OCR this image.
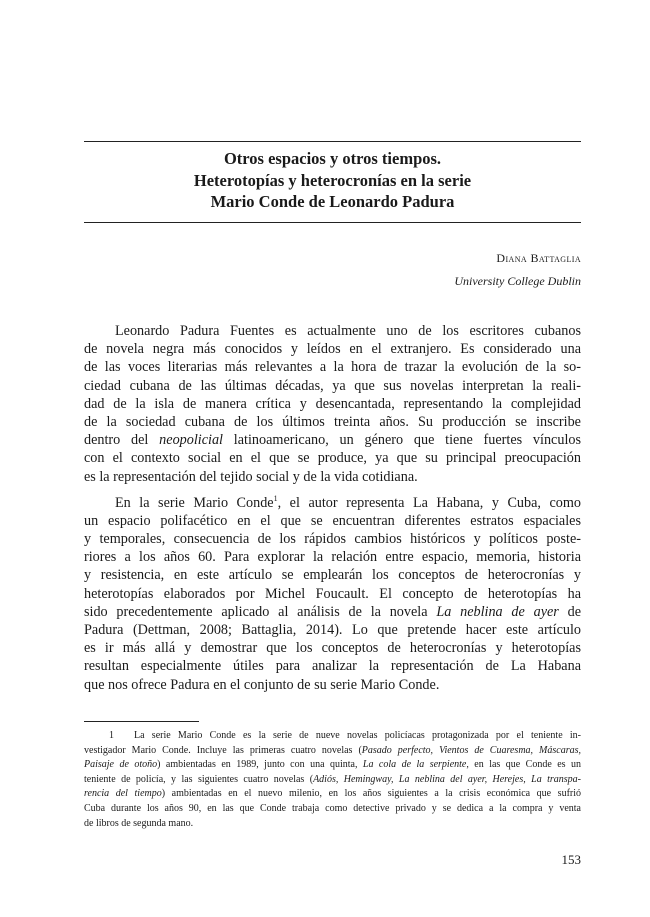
Otros espacios y otros tiempos.
Heterotopías y heterocronías en la serie
Mario Conde de Leonardo Padura
Diana Battaglia
University College Dublin
Leonardo Padura Fuentes es actualmente uno de los escritores cubanos
de novela negra más conocidos y leídos en el extranjero. Es considerado una
de las voces literarias más relevantes a la hora de trazar la evolución de la so-
ciedad cubana de las últimas décadas, ya que sus novelas interpretan la reali-
dad de la isla de manera crítica y desencantada, representando la complejidad
de la sociedad cubana de los últimos treinta años. Su producción se inscribe
dentro del neopolicial latinoamericano, un género que tiene fuertes vínculos
con el contexto social en el que se produce, ya que su principal preocupación
es la representación del tejido social y de la vida cotidiana.
En la serie Mario Conde$^1$, el autor representa La Habana, y Cuba, como
un espacio polifacético en el que se encuentran diferentes estratos espaciales
y temporales, consecuencia de los rápidos cambios históricos y políticos poste-
riores a los años 60. Para explorar la relación entre espacio, memoria, historia
y resistencia, en este artículo se emplearán los conceptos de heterocronías y
heterotopías elaborados por Michel Foucault. El concepto de heterotopías ha
sido precedentemente aplicado al análisis de la novela La neblina de ayer de
Padura (Dettman, 2008; Battaglia, 2014). Lo que pretende hacer este artículo
es ir más allá y demostrar que los conceptos de heterocronías y heterotopías
resultan especialmente útiles para analizar la representación de La Habana
que nos ofrece Padura en el conjunto de su serie Mario Conde.
1 La serie Mario Conde es la serie de nueve novelas policíacas protagonizada por el teniente in-
vestigador Mario Conde. Incluye las primeras cuatro novelas (Pasado perfecto, Vientos de Cuaresma, Máscaras,
Paisaje de otoño) ambientadas en 1989, junto con una quinta, La cola de la serpiente, en las que Conde es un
teniente de policía, y las siguientes cuatro novelas (Adiós, Hemingway, La neblina del ayer, Herejes, La transpa-
rencia del tiempo) ambientadas en el nuevo milenio, en los años siguientes a la crisis económica que sufrió
Cuba durante los años 90, en las que Conde trabaja como detective privado y se dedica a la compra y venta
de libros de segunda mano.
153
